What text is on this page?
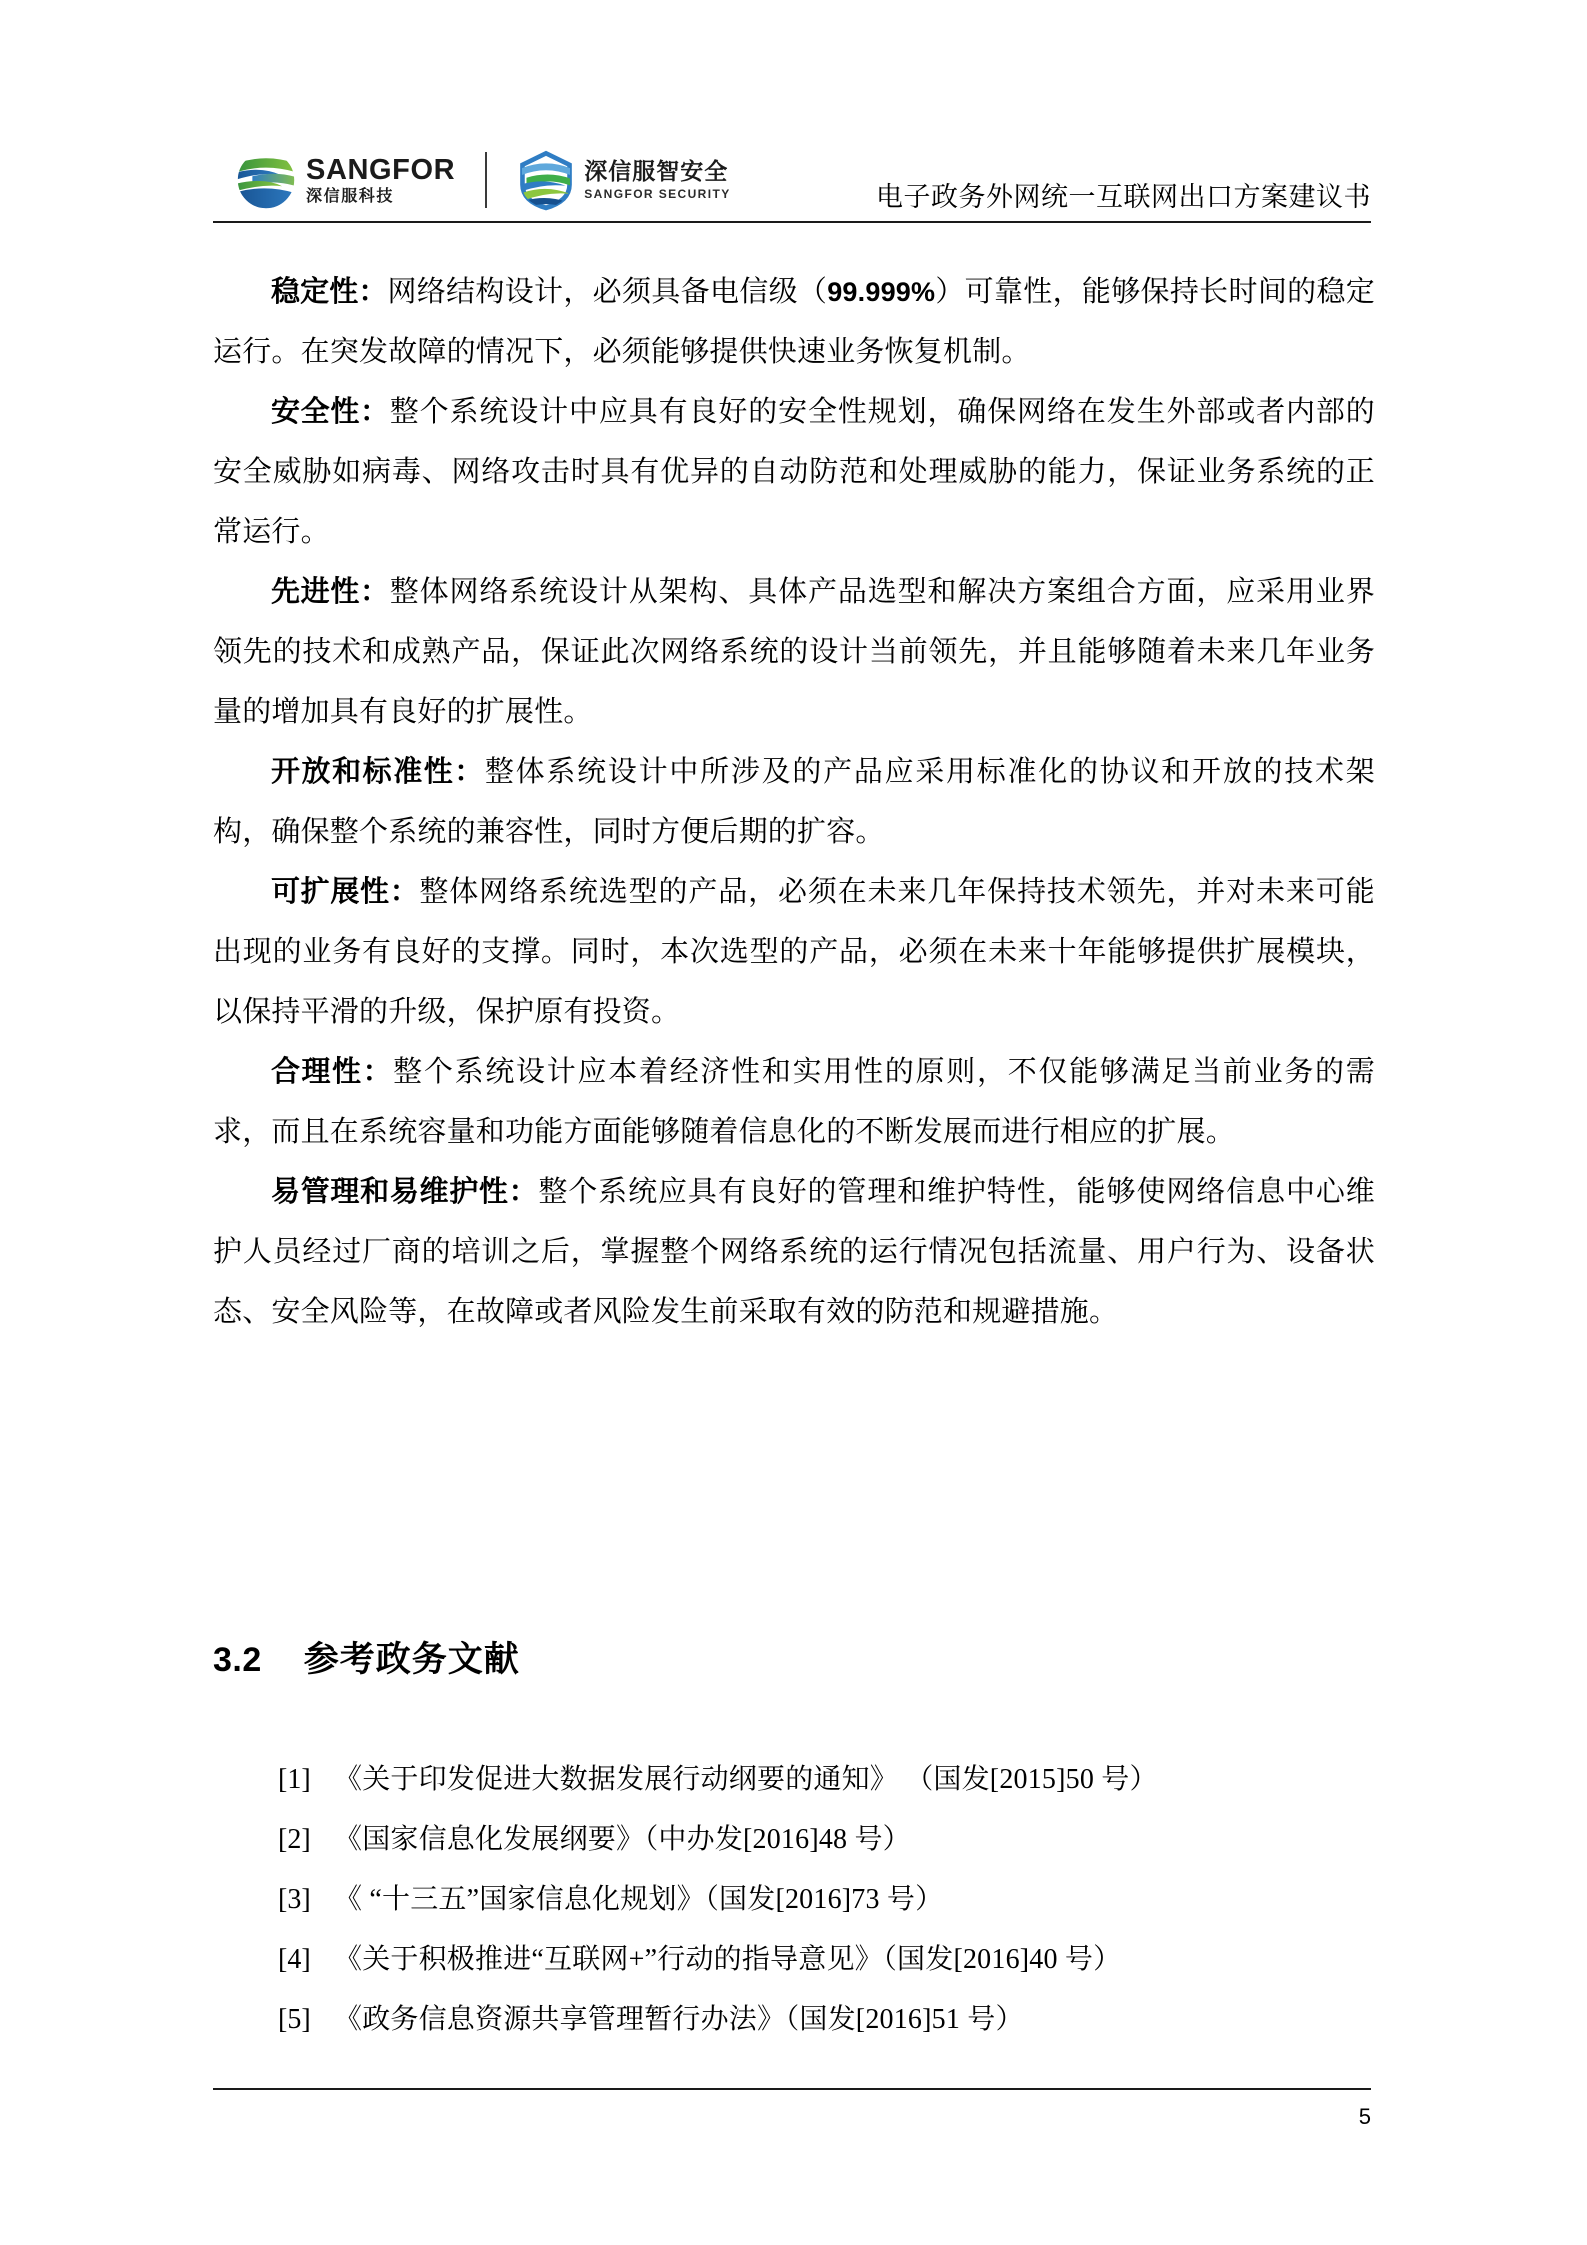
SANGFOR
深信服科技
深信服智安全
SANGFOR SECURITY	电子政务外网统一互联网出口方案建议书

稳定性：网络结构设计，必须具备电信级（99.999%）可靠性，能够保持长时间的稳定运行。在突发故障的情况下，必须能够提供快速业务恢复机制。

安全性：整个系统设计中应具有良好的安全性规划，确保网络在发生外部或者内部的安全威胁如病毒、网络攻击时具有优异的自动防范和处理威胁的能力，保证业务系统的正常运行。

先进性：整体网络系统设计从架构、具体产品选型和解决方案组合方面，应采用业界领先的技术和成熟产品，保证此次网络系统的设计当前领先，并且能够随着未来几年业务量的增加具有良好的扩展性。

开放和标准性：整体系统设计中所涉及的产品应采用标准化的协议和开放的技术架构，确保整个系统的兼容性，同时方便后期的扩容。

可扩展性：整体网络系统选型的产品，必须在未来几年保持技术领先，并对未来可能出现的业务有良好的支撑。同时，本次选型的产品，必须在未来十年能够提供扩展模块，以保持平滑的升级，保护原有投资。

合理性：整个系统设计应本着经济性和实用性的原则，不仅能够满足当前业务的需求，而且在系统容量和功能方面能够随着信息化的不断发展而进行相应的扩展。

易管理和易维护性：整个系统应具有良好的管理和维护特性，能够使网络信息中心维护人员经过厂商的培训之后，掌握整个网络系统的运行情况包括流量、用户行为、设备状态、安全风险等，在故障或者风险发生前采取有效的防范和规避措施。

3.2 参考政务文献
[1] 《关于印发促进大数据发展行动纲要的通知》 （国发[2015]50 号）
[2] 《国家信息化发展纲要》（中办发[2016]48 号）
[3] 《 “十三五”国家信息化规划》（国发[2016]73 号）
[4] 《关于积极推进“互联网+”行动的指导意见》（国发[2016]40 号）
[5] 《政务信息资源共享管理暂行办法》（国发[2016]51 号）
5
